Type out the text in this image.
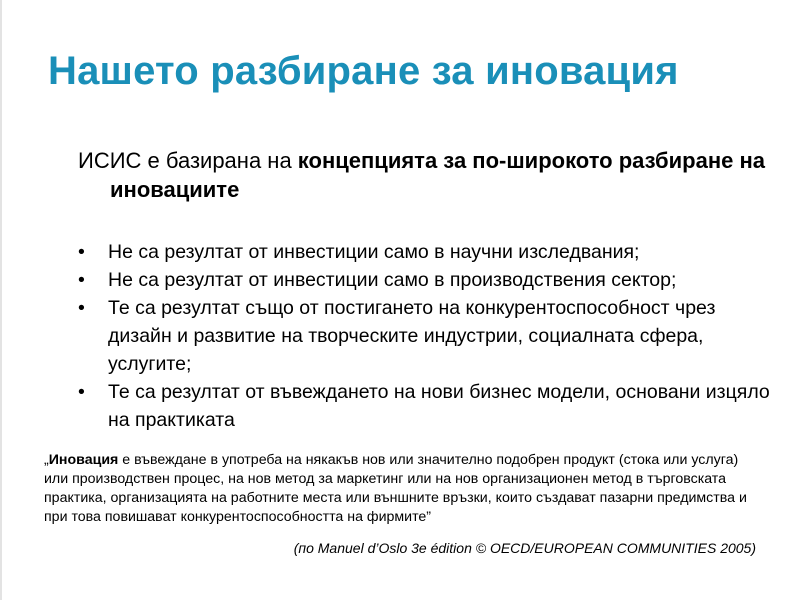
Нашето разбиране за иновация

ИСИС е базирана на концепцията за по-широкото разбиране на иновациите

• Не са резултат от инвестиции само в научни изследвания;
• Не са резултат от инвестиции само в производствения сектор;
• Те са резултат също от постигането на конкурентоспособност чрез дизайн и развитие на творческите индустрии, социалната сфера, услугите;
• Те са резултат от въвеждането на нови бизнес модели, основани изцяло на практиката

„Иновация е въвеждане в употреба на някакъв нов или значително подобрен продукт (стока или услуга) или производствен процес, на нов метод за маркетинг или на нов организационен метод в търговската практика, организацията на работните места или външните връзки, които създават пазарни предимства и при това повишават конкурентоспособността на фирмите”

(по Manuel d’Oslo 3e édition © OECD/EUROPEAN COMMUNITIES 2005)
